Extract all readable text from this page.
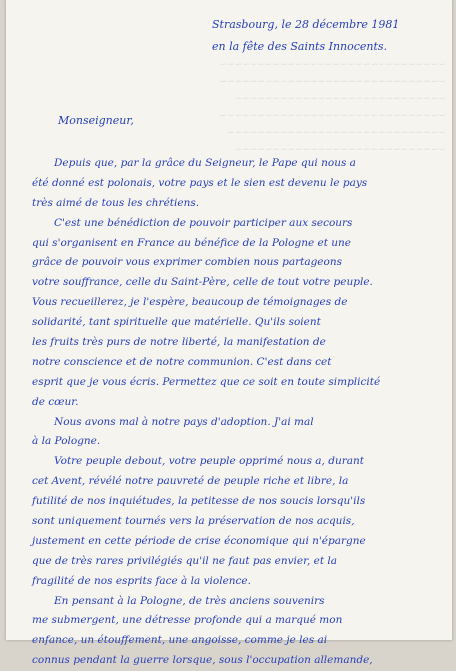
~~~~~~~~~~~~~~~~~~~~~~~~~~~~~~
~~~~~~~~~~~~~~~~~~~~~~~~~~~~~~
~~~~~~~~~~~~~~~~~~~~~~~~~~~~
~~~~~~~~~~~~~~~~~~~~~~~~~~~~~~
~~~~~~~~~~~~~~~~~~~~~~~~~~~~~
~~~~~~~~~~~~~~~~~~~~~~~~~~~~
Strasbourg, le 28 décembre 1981
en la fête des Saints Innocents.
Monseigneur,
Depuis que, par la grâce du Seigneur, le Pape qui nous a
été donné est polonais, votre pays et le sien est devenu le pays
très aimé de tous les chrétiens.
C'est une bénédiction de pouvoir participer aux secours
qui s'organisent en France au bénéfice de la Pologne et une
grâce de pouvoir vous exprimer combien nous partageons
votre souffrance, celle du Saint-Père, celle de tout votre peuple.
Vous recueillerez, je l'espère, beaucoup de témoignages de
solidarité, tant spirituelle que matérielle. Qu'ils soient
les fruits très purs de notre liberté, la manifestation de
notre conscience et de notre communion. C'est dans cet
esprit que je vous écris. Permettez que ce soit en toute simplicité
de cœur.
Nous avons mal à notre pays d'adoption. J'ai mal
à la Pologne.
Votre peuple debout, votre peuple opprimé nous a, durant
cet Avent, révélé notre pauvreté de peuple riche et libre, la
futilité de nos inquiétudes, la petitesse de nos soucis lorsqu'ils
sont uniquement tournés vers la préservation de nos acquis,
justement en cette période de crise économique qui n'épargne
que de très rares privilégiés qu'il ne faut pas envier, et la
fragilité de nos esprits face à la violence.
En pensant à la Pologne, de très anciens souvenirs
me submergent, une détresse profonde qui a marqué mon
enfance, un étouffement, une angoisse, comme je les ai
connus pendant la guerre lorsque, sous l'occupation allemande,
